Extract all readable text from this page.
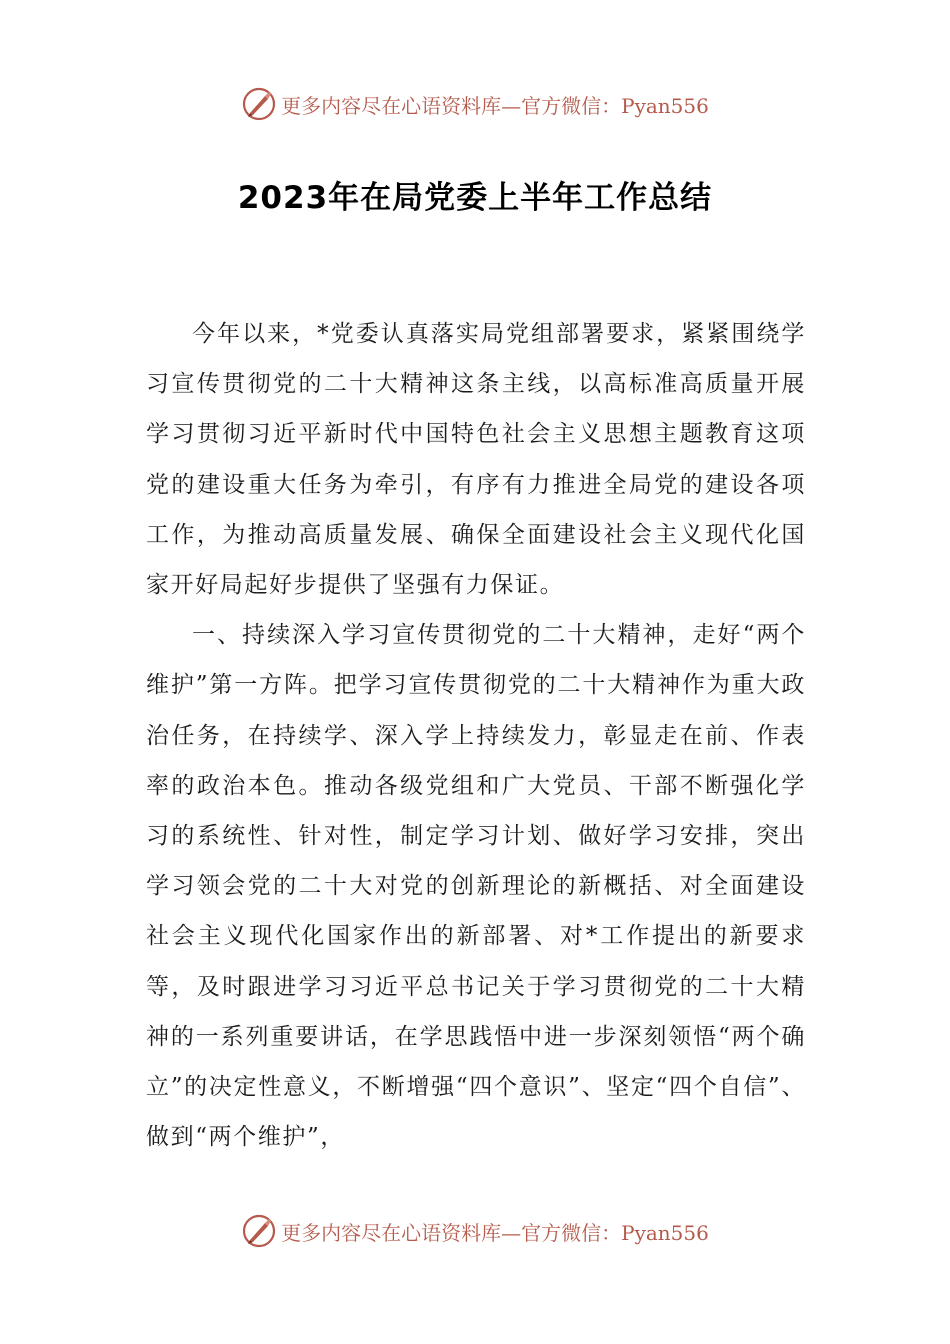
更多内容尽在心语资料库—官方微信：Pyan556
2023年在局党委上半年工作总结

今年以来，*党委认真落实局党组部署要求，紧紧围绕学习宣传贯彻党的二十大精神这条主线，以高标准高质量开展学习贯彻习近平新时代中国特色社会主义思想主题教育这项党的建设重大任务为牵引，有序有力推进全局党的建设各项工作，为推动高质量发展、确保全面建设社会主义现代化国家开好局起好步提供了坚强有力保证。

一、持续深入学习宣传贯彻党的二十大精神，走好“两个维护”第一方阵。把学习宣传贯彻党的二十大精神作为重大政治任务，在持续学、深入学上持续发力，彰显走在前、作表率的政治本色。推动各级党组和广大党员、干部不断强化学习的系统性、针对性，制定学习计划、做好学习安排，突出学习领会党的二十大对党的创新理论的新概括、对全面建设社会主义现代化国家作出的新部署、对*工作提出的新要求等，及时跟进学习习近平总书记关于学习贯彻党的二十大精神的一系列重要讲话，在学思践悟中进一步深刻领悟“两个确立”的决定性意义，不断增强“四个意识”、坚定“四个自信”、做到“两个维护”，

更多内容尽在心语资料库—官方微信：Pyan556
